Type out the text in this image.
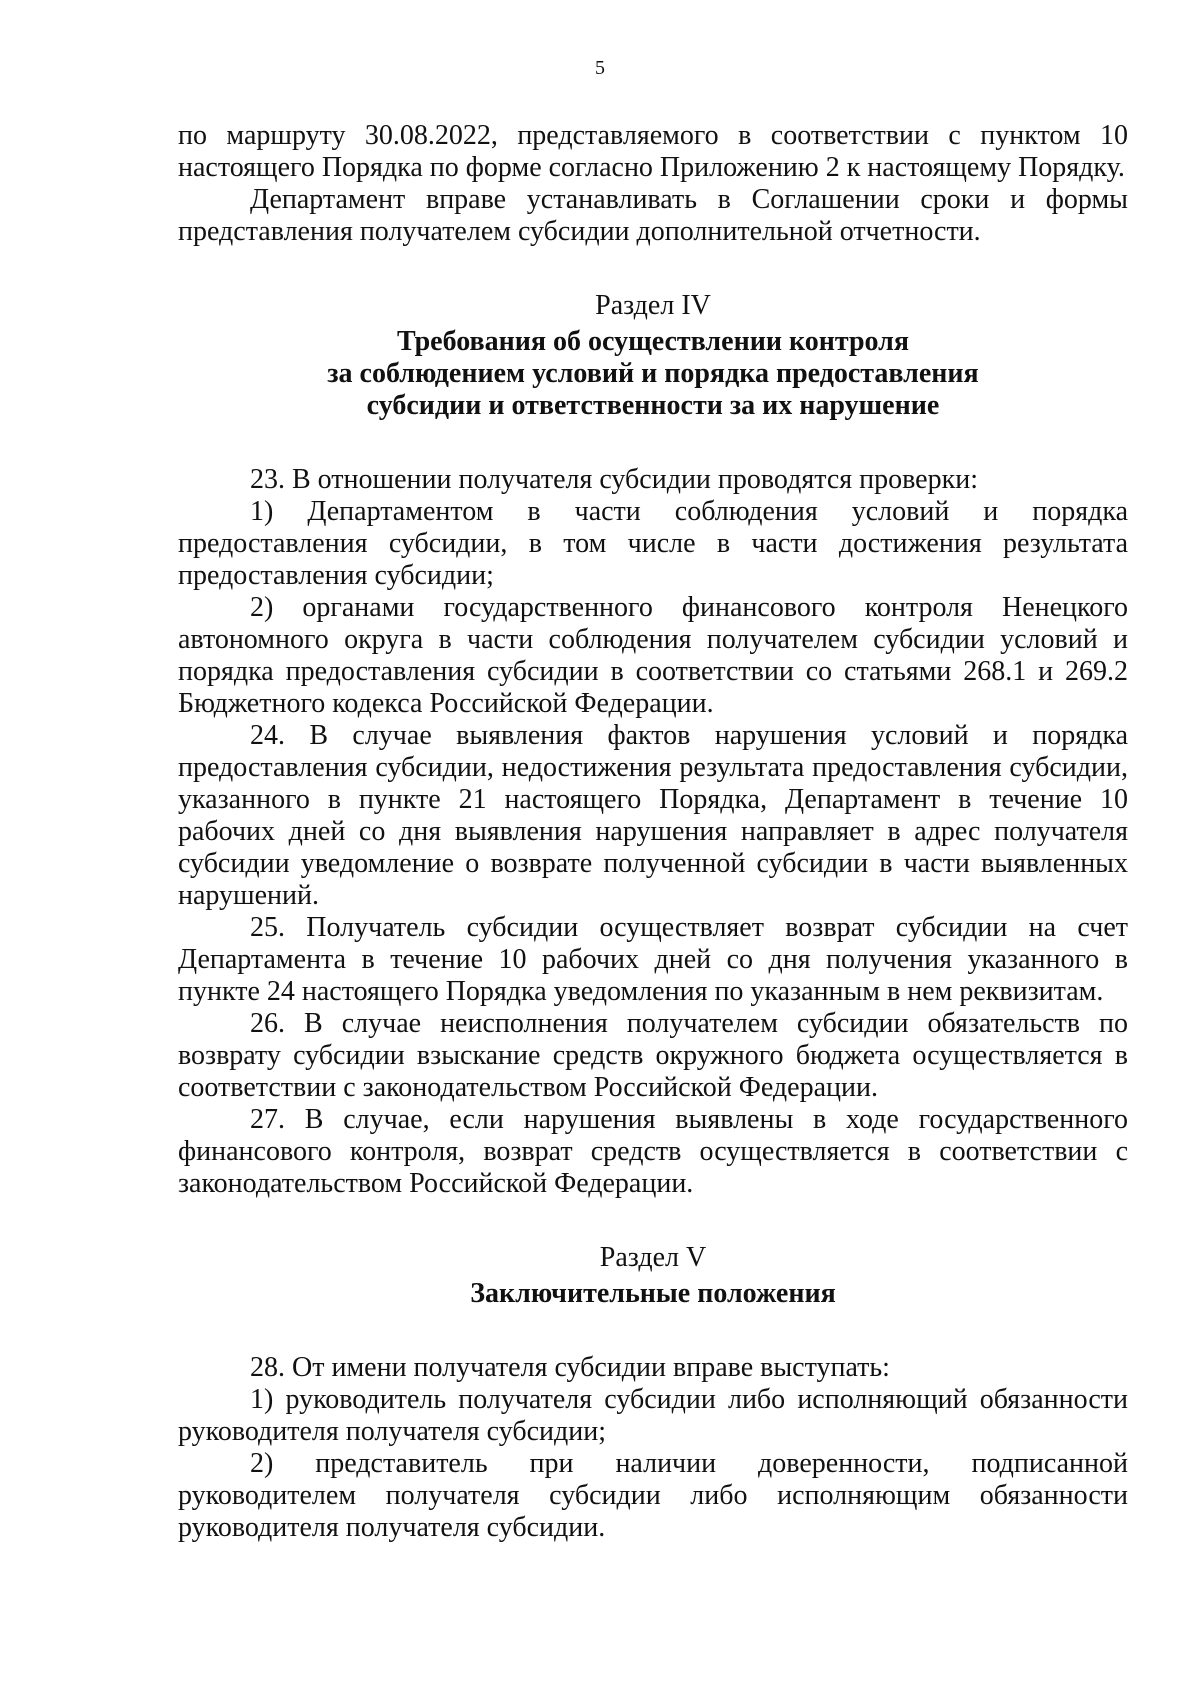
5

по маршруту 30.08.2022, представляемого в соответствии с пунктом 10 настоящего Порядка по форме согласно Приложению 2 к настоящему Порядку.

Департамент вправе устанавливать в Соглашении сроки и формы представления получателем субсидии дополнительной отчетности.

Раздел IV

Требования об осуществлении контроля

за соблюдением условий и порядка предоставления

субсидии и ответственности за их нарушение

23. В отношении получателя субсидии проводятся проверки:

1) Департаментом в части соблюдения условий и порядка предоставления субсидии, в том числе в части достижения результата предоставления субсидии;

2) органами государственного финансового контроля Ненецкого автономного округа в части соблюдения получателем субсидии условий и порядка предоставления субсидии в соответствии со статьями 268.1 и 269.2 Бюджетного кодекса Российской Федерации.

24. В случае выявления фактов нарушения условий и порядка предоставления субсидии, недостижения результата предоставления субсидии, указанного в пункте 21 настоящего Порядка, Департамент в течение 10 рабочих дней со дня выявления нарушения направляет в адрес получателя субсидии уведомление о возврате полученной субсидии в части выявленных нарушений.

25. Получатель субсидии осуществляет возврат субсидии на счет Департамента в течение 10 рабочих дней со дня получения указанного в пункте 24 настоящего Порядка уведомления по указанным в нем реквизитам.

26. В случае неисполнения получателем субсидии обязательств по возврату субсидии взыскание средств окружного бюджета осуществляется в соответствии с законодательством Российской Федерации.

27. В случае, если нарушения выявлены в ходе государственного финансового контроля, возврат средств осуществляется в соответствии с законодательством Российской Федерации.

Раздел V

Заключительные положения

28. От имени получателя субсидии вправе выступать:

1) руководитель получателя субсидии либо исполняющий обязанности руководителя получателя субсидии;

2) представитель при наличии доверенности, подписанной руководителем получателя субсидии либо исполняющим обязанности руководителя получателя субсидии.
